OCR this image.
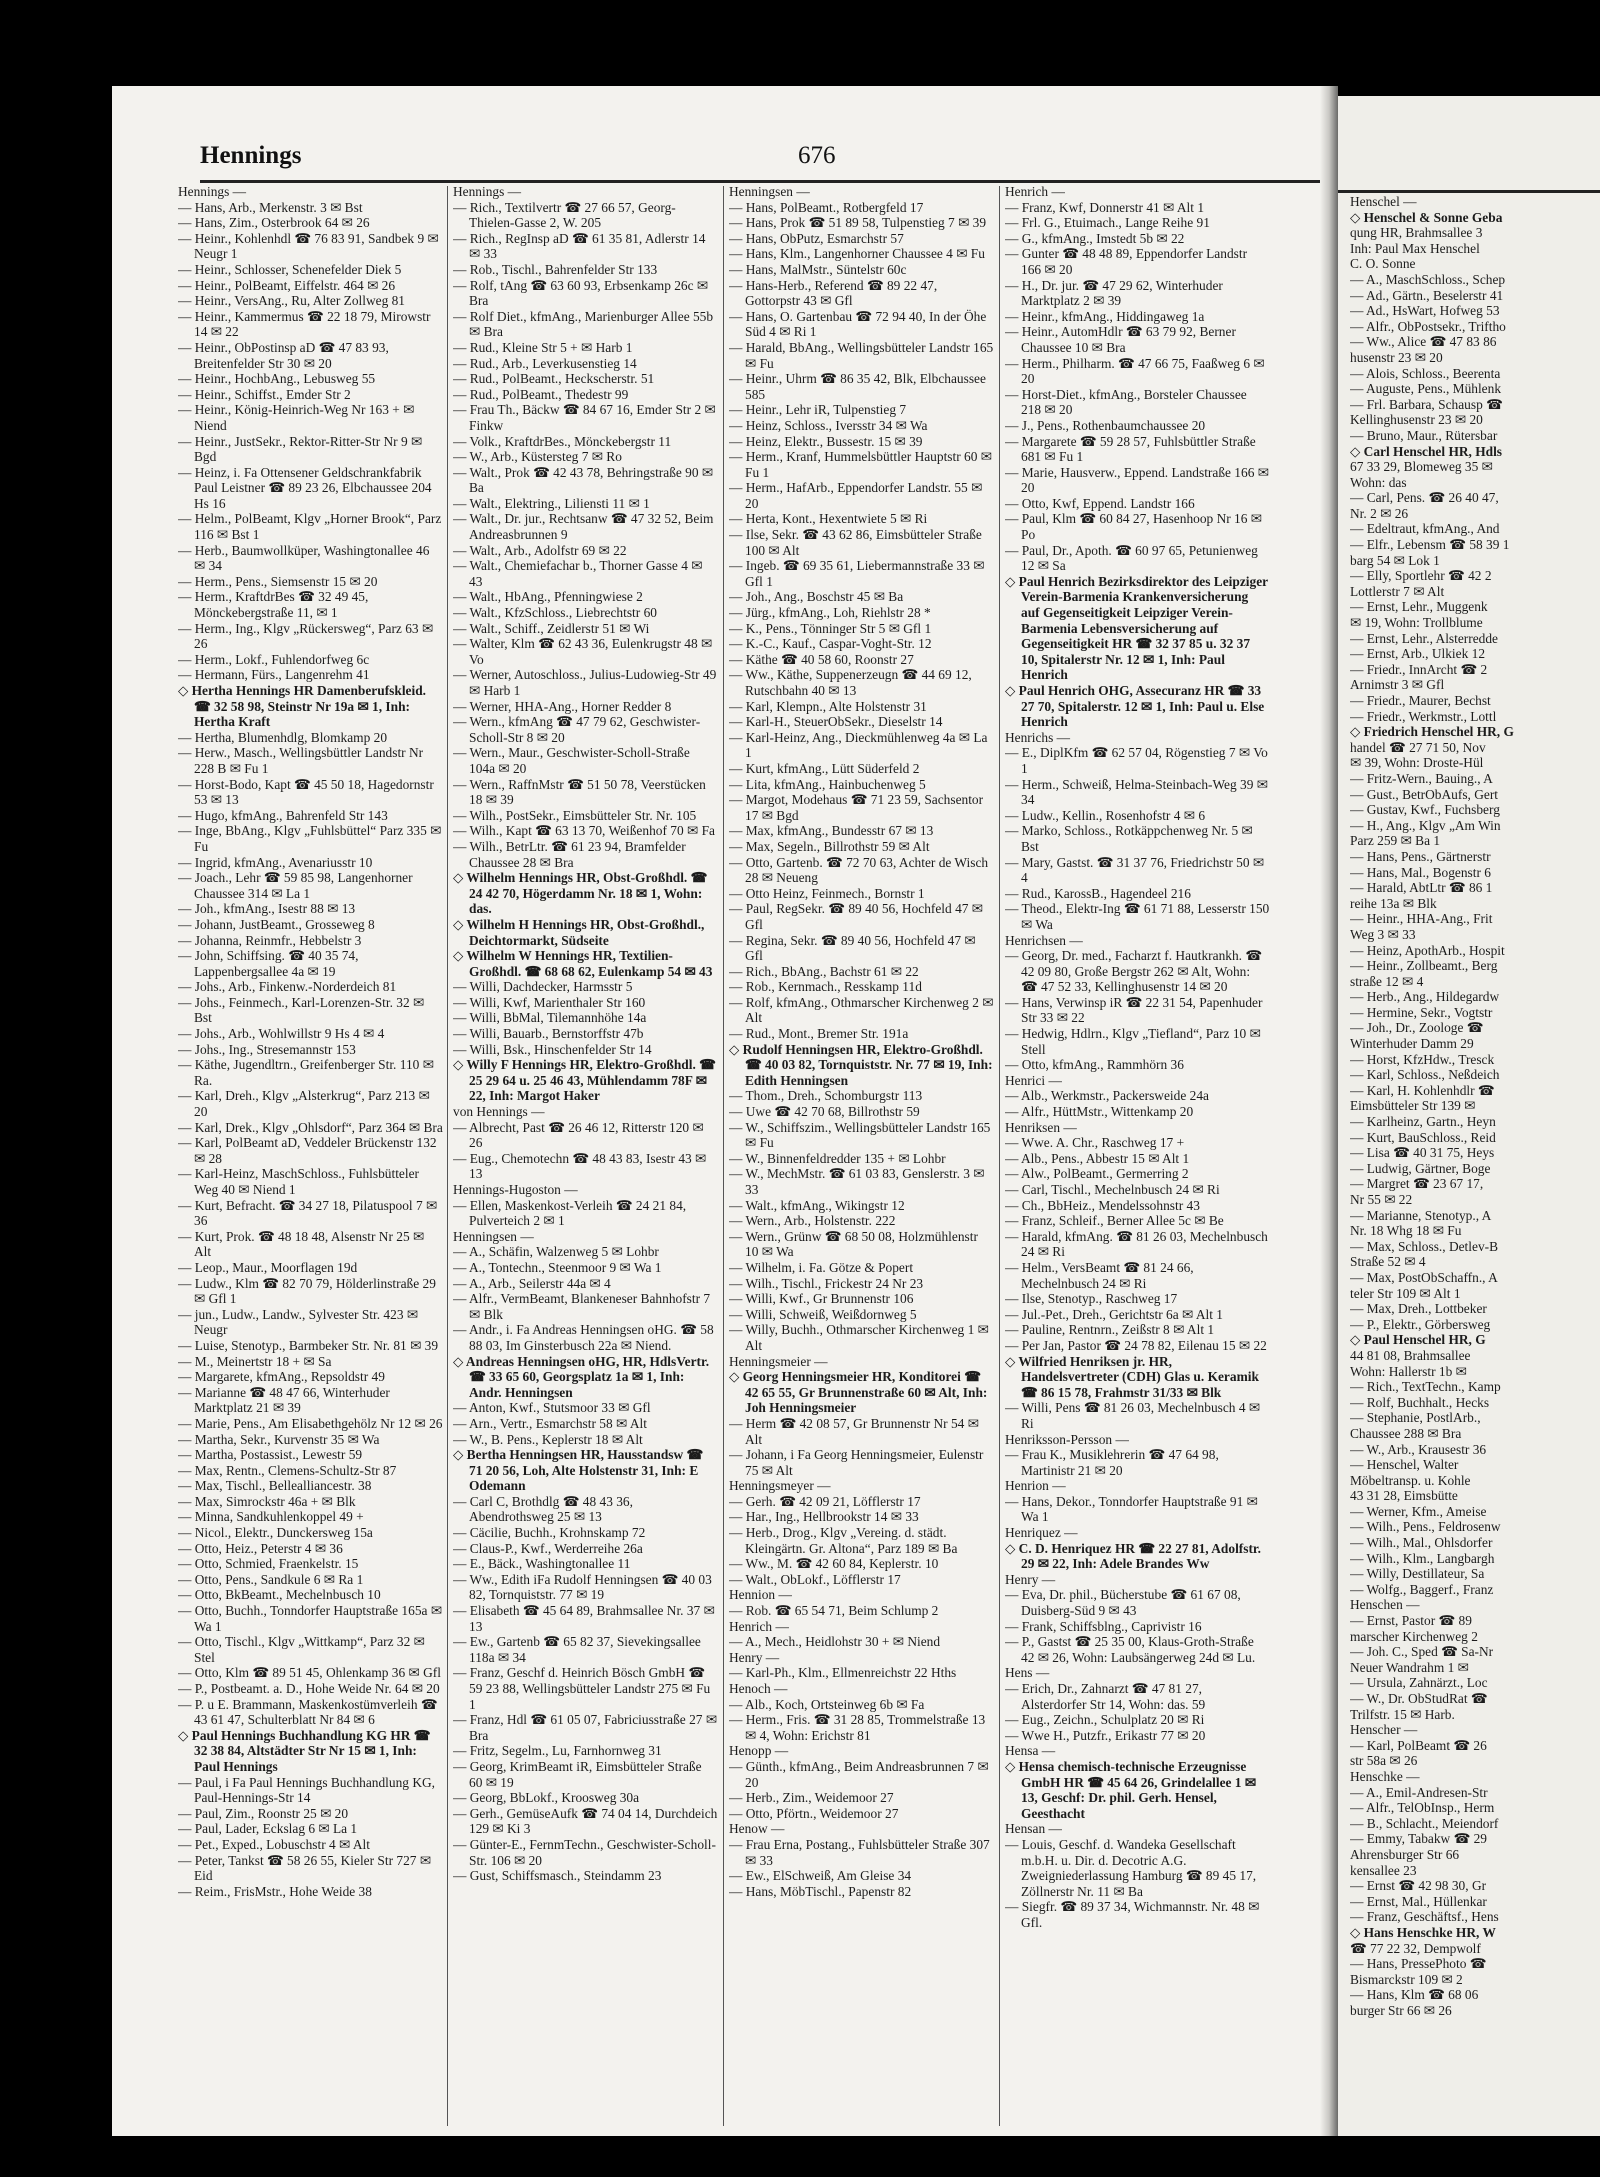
Hennings	676

Hennings —

— Hans, Arb., Merkenstr. 3 ✉ Bst

— Hans, Zim., Osterbrook 64 ✉ 26

— Heinr., Kohlenhdl ☎ 76 83 91, Sandbek 9 ✉ Neugr 1

— Heinr., Schlosser, Schenefelder Diek 5

— Heinr., PolBeamt, Eiffelstr. 464 ✉ 26

— Heinr., VersAng., Ru, Alter Zollweg 81

— Heinr., Kammermus ☎ 22 18 79, Mirowstr 14 ✉ 22

— Heinr., ObPostinsp aD ☎ 47 83 93, Breitenfelder Str 30 ✉ 20

— Heinr., HochbAng., Lebusweg 55

— Heinr., Schiffst., Emder Str 2

— Heinr., König-Heinrich-Weg Nr 163 + ✉ Niend

— Heinr., JustSekr., Rektor-Ritter-Str Nr 9 ✉ Bgd

— Heinz, i. Fa Ottensener Geldschrankfabrik Paul Leistner ☎ 89 23 26, Elbchaussee 204 Hs 16

— Helm., PolBeamt, Klgv „Horner Brook“, Parz 116 ✉ Bst 1

— Herb., Baumwollküper, Washingtonallee 46 ✉ 34

— Herm., Pens., Siemsenstr 15 ✉ 20

— Herm., KraftdrBes ☎ 32 49 45, Mönckebergstraße 11, ✉ 1

— Herm., Ing., Klgv „Rückersweg“, Parz 63 ✉ 26

— Herm., Lokf., Fuhlendorfweg 6c

— Hermann, Fürs., Langenrehm 41

◇ Hertha Hennings HR Damenberufskleid. ☎ 32 58 98, Steinstr Nr 19a ✉ 1, Inh: Hertha Kraft

— Hertha, Blumenhdlg, Blomkamp 20

— Herw., Masch., Wellingsbüttler Landstr Nr 228 B ✉ Fu 1

— Horst-Bodo, Kapt ☎ 45 50 18, Hagedornstr 53 ✉ 13

— Hugo, kfmAng., Bahrenfeld Str 143

— Inge, BbAng., Klgv „Fuhlsbüttel“ Parz 335 ✉ Fu

— Ingrid, kfmAng., Avenariusstr 10

— Joach., Lehr ☎ 59 85 98, Langenhorner Chaussee 314 ✉ La 1

— Joh., kfmAng., Isestr 88 ✉ 13

— Johann, JustBeamt., Grosseweg 8

— Johanna, Reinmfr., Hebbelstr 3

— John, Schiffsing. ☎ 40 35 74, Lappenbergsallee 4a ✉ 19

— Johs., Arb., Finkenw.-Norderdeich 81

— Johs., Feinmech., Karl-Lorenzen-Str. 32 ✉ Bst

— Johs., Arb., Wohlwillstr 9 Hs 4 ✉ 4

— Johs., Ing., Stresemannstr 153

— Käthe, Jugendltrn., Greifenberger Str. 110 ✉ Ra.

— Karl, Dreh., Klgv „Alsterkrug“, Parz 213 ✉ 20

— Karl, Drek., Klgv „Ohlsdorf“, Parz 364 ✉ Bra

— Karl, PolBeamt aD, Veddeler Brückenstr 132 ✉ 28

— Karl-Heinz, MaschSchloss., Fuhlsbütteler Weg 40 ✉ Niend 1

— Kurt, Befracht. ☎ 34 27 18, Pilatuspool 7 ✉ 36

— Kurt, Prok. ☎ 48 18 48, Alsenstr Nr 25 ✉ Alt

— Leop., Maur., Moorflagen 19d

— Ludw., Klm ☎ 82 70 79, Hölderlinstraße 29 ✉ Gfl 1

— jun., Ludw., Landw., Sylvester Str. 423 ✉ Neugr

— Luise, Stenotyp., Barmbeker Str. Nr. 81 ✉ 39

— M., Meinertstr 18 + ✉ Sa

— Margarete, kfmAng., Repsoldstr 49

— Marianne ☎ 48 47 66, Winterhuder Marktplatz 21 ✉ 39

— Marie, Pens., Am Elisabethgehölz Nr 12 ✉ 26

— Martha, Sekr., Kurvenstr 35 ✉ Wa

— Martha, Postassist., Lewestr 59

— Max, Rentn., Clemens-Schultz-Str 87

— Max, Tischl., Bellealliancestr. 38

— Max, Simrockstr 46a + ✉ Blk

— Minna, Sandkuhlenkoppel 49 +

— Nicol., Elektr., Dunckersweg 15a

— Otto, Heiz., Peterstr 4 ✉ 36

— Otto, Schmied, Fraenkelstr. 15

— Otto, Pens., Sandkule 6 ✉ Ra 1

— Otto, BkBeamt., Mechelnbusch 10

— Otto, Buchh., Tonndorfer Hauptstraße 165a ✉ Wa 1

— Otto, Tischl., Klgv „Wittkamp“, Parz 32 ✉ Stel

— Otto, Klm ☎ 89 51 45, Ohlenkamp 36 ✉ Gfl

— P., Postbeamt. a. D., Hohe Weide Nr. 64 ✉ 20

— P. u E. Brammann, Maskenkostümverleih ☎ 43 61 47, Schulterblatt Nr 84 ✉ 6

◇ Paul Hennings Buchhandlung KG HR ☎ 32 38 84, Altstädter Str Nr 15 ✉ 1, Inh: Paul Hennings

— Paul, i Fa Paul Hennings Buchhandlung KG, Paul-Hennings-Str 14

— Paul, Zim., Roonstr 25 ✉ 20

— Paul, Lader, Eckslag 6 ✉ La 1

— Pet., Exped., Lobuschstr 4 ✉ Alt

— Peter, Tankst ☎ 58 26 55, Kieler Str 727 ✉ Eid

— Reim., FrisMstr., Hohe Weide 38

Hennings —

— Rich., Textilvertr ☎ 27 66 57, Georg-Thielen-Gasse 2, W. 205

— Rich., RegInsp aD ☎ 61 35 81, Adlerstr 14 ✉ 33

— Rob., Tischl., Bahrenfelder Str 133

— Rolf, tAng ☎ 63 60 93, Erbsenkamp 26c ✉ Bra

— Rolf Diet., kfmAng., Marienburger Allee 55b ✉ Bra

— Rud., Kleine Str 5 + ✉ Harb 1

— Rud., Arb., Leverkusenstieg 14

— Rud., PolBeamt., Heckscherstr. 51

— Rud., PolBeamt., Thedestr 99

— Frau Th., Bäckw ☎ 84 67 16, Emder Str 2 ✉ Finkw

— Volk., KraftdrBes., Mönckebergstr 11

— W., Arb., Küstersteg 7 ✉ Ro

— Walt., Prok ☎ 42 43 78, Behringstraße 90 ✉ Ba

— Walt., Elektring., Liliensti 11 ✉ 1

— Walt., Dr. jur., Rechtsanw ☎ 47 32 52, Beim Andreasbrunnen 9

— Walt., Arb., Adolfstr 69 ✉ 22

— Walt., Chemiefachar b., Thorner Gasse 4 ✉ 43

— Walt., HbAng., Pfenningwiese 2

— Walt., KfzSchloss., Liebrechtstr 60

— Walt., Schiff., Zeidlerstr 51 ✉ Wi

— Walter, Klm ☎ 62 43 36, Eulenkrugstr 48 ✉ Vo

— Werner, Autoschloss., Julius-Ludowieg-Str 49 ✉ Harb 1

— Werner, HHA-Ang., Horner Redder 8

— Wern., kfmAng ☎ 47 79 62, Geschwister-Scholl-Str 8 ✉ 20

— Wern., Maur., Geschwister-Scholl-Straße 104a ✉ 20

— Wern., RaffnMstr ☎ 51 50 78, Veerstücken 18 ✉ 39

— Wilh., PostSekr., Eimsbütteler Str. Nr. 105

— Wilh., Kapt ☎ 63 13 70, Weißenhof 70 ✉ Fa

— Wilh., BetrLtr. ☎ 61 23 94, Bramfelder Chaussee 28 ✉ Bra

◇ Wilhelm Hennings HR, Obst-Großhdl. ☎ 24 42 70, Högerdamm Nr. 18 ✉ 1, Wohn: das.

◇ Wilhelm H Hennings HR, Obst-Großhdl., Deichtormarkt, Südseite

◇ Wilhelm W Hennings HR, Textilien-Großhdl. ☎ 68 68 62, Eulenkamp 54 ✉ 43

— Willi, Dachdecker, Harmsstr 5

— Willi, Kwf, Marienthaler Str 160

— Willi, BbMal, Tilemannhöhe 14a

— Willi, Bauarb., Bernstorffstr 47b

— Willi, Bsk., Hinschenfelder Str 14

◇ Willy F Hennings HR, Elektro-Großhdl. ☎ 25 29 64 u. 25 46 43, Mühlendamm 78F ✉ 22, Inh: Margot Haker

von Hennings —

— Albrecht, Past ☎ 26 46 12, Ritterstr 120 ✉ 26

— Eug., Chemotechn ☎ 48 43 83, Isestr 43 ✉ 13

Hennings-Hugoston —

— Ellen, Maskenkost-Verleih ☎ 24 21 84, Pulverteich 2 ✉ 1

Henningsen —

— A., Schäfin, Walzenweg 5 ✉ Lohbr

— A., Tontechn., Steenmoor 9 ✉ Wa 1

— A., Arb., Seilerstr 44a ✉ 4

— Alfr., VermBeamt, Blankeneser Bahnhofstr 7 ✉ Blk

— Andr., i. Fa Andreas Henningsen oHG. ☎ 58 88 03, Im Ginsterbusch 22a ✉ Niend.

◇ Andreas Henningsen oHG, HR, HdlsVertr. ☎ 33 65 60, Georgsplatz 1a ✉ 1, Inh: Andr. Henningsen

— Anton, Kwf., Stutsmoor 33 ✉ Gfl

— Arn., Vertr., Esmarchstr 58 ✉ Alt

— W., B. Pens., Keplerstr 18 ✉ Alt

◇ Bertha Henningsen HR, Hausstandsw ☎ 71 20 56, Loh, Alte Holstenstr 31, Inh: E Odemann

— Carl C, Brothdlg ☎ 48 43 36, Abendrothsweg 25 ✉ 13

— Cäcilie, Buchh., Krohnskamp 72

— Claus-P., Kwf., Werderreihe 26a

— E., Bäck., Washingtonallee 11

— Ww., Edith iFa Rudolf Henningsen ☎ 40 03 82, Tornquiststr. 77 ✉ 19

— Elisabeth ☎ 45 64 89, Brahmsallee Nr. 37 ✉ 13

— Ew., Gartenb ☎ 65 82 37, Sievekingsallee 118a ✉ 34

— Franz, Geschf d. Heinrich Bösch GmbH ☎ 59 23 88, Wellingsbütteler Landstr 275 ✉ Fu 1

— Franz, Hdl ☎ 61 05 07, Fabriciusstraße 27 ✉ Bra

— Fritz, Segelm., Lu, Farnhornweg 31

— Georg, KrimBeamt iR, Eimsbütteler Straße 60 ✉ 19

— Georg, BbLokf., Kroosweg 30a

— Gerh., GemüseAufk ☎ 74 04 14, Durchdeich 129 ✉ Ki 3

— Günter-E., FernmTechn., Geschwister-Scholl-Str. 106 ✉ 20

— Gust, Schiffsmasch., Steindamm 23

Henningsen —

— Hans, PolBeamt., Rotbergfeld 17

— Hans, Prok ☎ 51 89 58, Tulpenstieg 7 ✉ 39

— Hans, ObPutz, Esmarchstr 57

— Hans, Klm., Langenhorner Chaussee 4 ✉ Fu

— Hans, MalMstr., Süntelstr 60c

— Hans-Herb., Referend ☎ 89 22 47, Gottorpstr 43 ✉ Gfl

— Hans, O. Gartenbau ☎ 72 94 40, In der Öhe Süd 4 ✉ Ri 1

— Harald, BbAng., Wellingsbütteler Landstr 165 ✉ Fu

— Heinr., Uhrm ☎ 86 35 42, Blk, Elbchaussee 585

— Heinr., Lehr iR, Tulpenstieg 7

— Heinz, Schloss., Iversstr 34 ✉ Wa

— Heinz, Elektr., Bussestr. 15 ✉ 39

— Herm., Kranf, Hummelsbüttler Hauptstr 60 ✉ Fu 1

— Herm., HafArb., Eppendorfer Landstr. 55 ✉ 20

— Herta, Kont., Hexentwiete 5 ✉ Ri

— Ilse, Sekr. ☎ 43 62 86, Eimsbütteler Straße 100 ✉ Alt

— Ingeb. ☎ 69 35 61, Liebermannstraße 33 ✉ Gfl 1

— Joh., Ang., Boschstr 45 ✉ Ba

— Jürg., kfmAng., Loh, Riehlstr 28 *

— K., Pens., Tönninger Str 5 ✉ Gfl 1

— K.-C., Kauf., Caspar-Voght-Str. 12

— Käthe ☎ 40 58 60, Roonstr 27

— Ww., Käthe, Suppenerzeugn ☎ 44 69 12, Rutschbahn 40 ✉ 13

— Karl, Klempn., Alte Holstenstr 31

— Karl-H., SteuerObSekr., Dieselstr 14

— Karl-Heinz, Ang., Dieckmühlenweg 4a ✉ La 1

— Kurt, kfmAng., Lütt Süderfeld 2

— Lita, kfmAng., Hainbuchenweg 5

— Margot, Modehaus ☎ 71 23 59, Sachsentor 17 ✉ Bgd

— Max, kfmAng., Bundesstr 67 ✉ 13

— Max, Segeln., Billrothstr 59 ✉ Alt

— Otto, Gartenb. ☎ 72 70 63, Achter de Wisch 28 ✉ Neueng

— Otto Heinz, Feinmech., Bornstr 1

— Paul, RegSekr. ☎ 89 40 56, Hochfeld 47 ✉ Gfl

— Regina, Sekr. ☎ 89 40 56, Hochfeld 47 ✉ Gfl

— Rich., BbAng., Bachstr 61 ✉ 22

— Rob., Kernmach., Resskamp 11d

— Rolf, kfmAng., Othmarscher Kirchenweg 2 ✉ Alt

— Rud., Mont., Bremer Str. 191a

◇ Rudolf Henningsen HR, Elektro-Großhdl. ☎ 40 03 82, Tornquiststr. Nr. 77 ✉ 19, Inh: Edith Henningsen

— Thom., Dreh., Schomburgstr 113

— Uwe ☎ 42 70 68, Billrothstr 59

— W., Schiffszim., Wellingsbütteler Landstr 165 ✉ Fu

— W., Binnenfeldredder 135 + ✉ Lohbr

— W., MechMstr. ☎ 61 03 83, Genslerstr. 3 ✉ 33

— Walt., kfmAng., Wikingstr 12

— Wern., Arb., Holstenstr. 222

— Wern., Grünw ☎ 68 50 08, Holzmühlenstr 10 ✉ Wa

— Wilhelm, i. Fa. Götze & Popert

— Wilh., Tischl., Frickestr 24 Nr 23

— Willi, Kwf., Gr Brunnenstr 106

— Willi, Schweiß, Weißdornweg 5

— Willy, Buchh., Othmarscher Kirchenweg 1 ✉ Alt

Henningsmeier —

◇ Georg Henningsmeier HR, Konditorei ☎ 42 65 55, Gr Brunnenstraße 60 ✉ Alt, Inh: Joh Henningsmeier

— Herm ☎ 42 08 57, Gr Brunnenstr Nr 54 ✉ Alt

— Johann, i Fa Georg Henningsmeier, Eulenstr 75 ✉ Alt

Henningsmeyer —

— Gerh. ☎ 42 09 21, Löfflerstr 17

— Har., Ing., Hellbrookstr 14 ✉ 33

— Herb., Drog., Klgv „Vereing. d. städt. Kleingärtn. Gr. Altona“, Parz 189 ✉ Ba

— Ww., M. ☎ 42 60 84, Keplerstr. 10

— Walt., ObLokf., Löfflerstr 17

Hennion —

— Rob. ☎ 65 54 71, Beim Schlump 2

Henrich —

— A., Mech., Heidlohstr 30 + ✉ Niend

Henry —

— Karl-Ph., Klm., Ellmenreichstr 22 Hths

Henoch —

— Alb., Koch, Ortsteinweg 6b ✉ Fa

— Herm., Fris. ☎ 31 28 85, Trommelstraße 13 ✉ 4, Wohn: Erichstr 81

Henopp —

— Günth., kfmAng., Beim Andreasbrunnen 7 ✉ 20

— Herb., Zim., Weidemoor 27

— Otto, Pförtn., Weidemoor 27

Henow —

— Frau Erna, Postang., Fuhlsbütteler Straße 307 ✉ 33

— Ew., ElSchweiß, Am Gleise 34

— Hans, MöbTischl., Papenstr 82

Henrich —

— Franz, Kwf, Donnerstr 41 ✉ Alt 1

— Frl. G., Etuimach., Lange Reihe 91

— G., kfmAng., Imstedt 5b ✉ 22

— Gunter ☎ 48 48 89, Eppendorfer Landstr 166 ✉ 20

— H., Dr. jur. ☎ 47 29 62, Winterhuder Marktplatz 2 ✉ 39

— Heinr., kfmAng., Hiddingaweg 1a

— Heinr., AutomHdlr ☎ 63 79 92, Berner Chaussee 10 ✉ Bra

— Herm., Philharm. ☎ 47 66 75, Faaßweg 6 ✉ 20

— Horst-Diet., kfmAng., Borsteler Chaussee 218 ✉ 20

— J., Pens., Rothenbaumchaussee 20

— Margarete ☎ 59 28 57, Fuhlsbüttler Straße 681 ✉ Fu 1

— Marie, Hausverw., Eppend. Landstraße 166 ✉ 20

— Otto, Kwf, Eppend. Landstr 166

— Paul, Klm ☎ 60 84 27, Hasenhoop Nr 16 ✉ Po

— Paul, Dr., Apoth. ☎ 60 97 65, Petunienweg 12 ✉ Sa

◇ Paul Henrich Bezirksdirektor des Leipziger Verein-Barmenia Krankenversicherung auf Gegenseitigkeit Leipziger Verein-Barmenia Lebensversicherung auf Gegenseitigkeit HR ☎ 32 37 85 u. 32 37 10, Spitalerstr Nr. 12 ✉ 1, Inh: Paul Henrich

◇ Paul Henrich OHG, Assecuranz HR ☎ 33 27 70, Spitalerstr. 12 ✉ 1, Inh: Paul u. Else Henrich

Henrichs —

— E., DiplKfm ☎ 62 57 04, Rögenstieg 7 ✉ Vo 1

— Herm., Schweiß, Helma-Steinbach-Weg 39 ✉ 34

— Ludw., Kellin., Rosenhofstr 4 ✉ 6

— Marko, Schloss., Rotkäppchenweg Nr. 5 ✉ Bst

— Mary, Gastst. ☎ 31 37 76, Friedrichstr 50 ✉ 4

— Rud., KarossB., Hagendeel 216

— Theod., Elektr-Ing ☎ 61 71 88, Lesserstr 150 ✉ Wa

Henrichsen —

— Georg, Dr. med., Facharzt f. Hautkrankh. ☎ 42 09 80, Große Bergstr 262 ✉ Alt, Wohn: ☎ 47 52 33, Kellinghusenstr 14 ✉ 20

— Hans, Verwinsp iR ☎ 22 31 54, Papenhuder Str 33 ✉ 22

— Hedwig, Hdlrn., Klgv „Tiefland“, Parz 10 ✉ Stell

— Otto, kfmAng., Rammhörn 36

Henrici —

— Alb., Werkmstr., Packersweide 24a

— Alfr., HüttMstr., Wittenkamp 20

Henriksen —

— Wwe. A. Chr., Raschweg 17 +

— Alb., Pens., Abbestr 15 ✉ Alt 1

— Alw., PolBeamt., Germerring 2

— Carl, Tischl., Mechelnbusch 24 ✉ Ri

— Ch., BbHeiz., Mendelssohnstr 43

— Franz, Schleif., Berner Allee 5c ✉ Be

— Harald, kfmAng. ☎ 81 26 03, Mechelnbusch 24 ✉ Ri

— Helm., VersBeamt ☎ 81 24 66, Mechelnbusch 24 ✉ Ri

— Ilse, Stenotyp., Raschweg 17

— Jul.-Pet., Dreh., Gerichtstr 6a ✉ Alt 1

— Pauline, Rentnrn., Zeißstr 8 ✉ Alt 1

— Per Jan, Pastor ☎ 24 78 82, Eilenau 15 ✉ 22

◇ Wilfried Henriksen jr. HR, Handelsvertreter (CDH) Glas u. Keramik ☎ 86 15 78, Frahmstr 31/33 ✉ Blk

— Willi, Pens ☎ 81 26 03, Mechelnbusch 4 ✉ Ri

Henriksson-Persson —

— Frau K., Musiklehrerin ☎ 47 64 98, Martinistr 21 ✉ 20

Henrion —

— Hans, Dekor., Tonndorfer Hauptstraße 91 ✉ Wa 1

Henriquez —

◇ C. D. Henriquez HR ☎ 22 27 81, Adolfstr. 29 ✉ 22, Inh: Adele Brandes Ww

Henry —

— Eva, Dr. phil., Bücherstube ☎ 61 67 08, Duisberg-Süd 9 ✉ 43

— Frank, Schiffsblng., Caprivistr 16

— P., Gastst ☎ 25 35 00, Klaus-Groth-Straße 42 ✉ 26, Wohn: Laubsängerweg 24d ✉ Lu.

Hens —

— Erich, Dr., Zahnarzt ☎ 47 81 27, Alsterdorfer Str 14, Wohn: das. 59

— Eug., Zeichn., Schulplatz 20 ✉ Ri

— Wwe H., Putzfr., Erikastr 77 ✉ 20

Hensa —

◇ Hensa chemisch-technische Erzeugnisse GmbH HR ☎ 45 64 26, Grindelallee 1 ✉ 13, Geschf: Dr. phil. Gerh. Hensel, Geesthacht

Hensan —

— Louis, Geschf. d. Wandeka Gesellschaft m.b.H. u. Dir. d. Decotric A.G. Zweigniederlassung Hamburg ☎ 89 45 17, Zöllnerstr Nr. 11 ✉ Ba

— Siegfr. ☎ 89 37 34, Wichmannstr. Nr. 48 ✉ Gfl.

Henschel —
◇ Henschel & Sonne Geba
qung HR, Brahmsallee 3
Inh: Paul Max Henschel
C. O. Sonne
— A., MaschSchloss., Schep
— Ad., Gärtn., Beselerstr 41
— Ad., HsWart, Hofweg 53
— Alfr., ObPostsekr., Triftho
— Ww., Alice ☎ 47 83 86
husenstr 23 ✉ 20
— Alois, Schloss., Beerenta
— Auguste, Pens., Mühlenk
— Frl. Barbara, Schausp ☎
Kellinghusenstr 23 ✉ 20
— Bruno, Maur., Rütersbar
◇ Carl Henschel HR, Hdls
67 33 29, Blomeweg 35 ✉
Wohn: das
— Carl, Pens. ☎ 26 40 47,
Nr. 2 ✉ 26
— Edeltraut, kfmAng., And
— Elfr., Lebensm ☎ 58 39 1
barg 54 ✉ Lok 1
— Elly, Sportlehr ☎ 42 2
Lottlerstr 7 ✉ Alt
— Ernst, Lehr., Muggenk
✉ 19, Wohn: Trollblume
— Ernst, Lehr., Alsterredde
— Ernst, Arb., Ulkiek 12
— Friedr., InnArcht ☎ 2
Arnimstr 3 ✉ Gfl
— Friedr., Maurer, Bechst
— Friedr., Werkmstr., Lottl
◇ Friedrich Henschel HR, G
handel ☎ 27 71 50, Nov
✉ 39, Wohn: Droste-Hül
— Fritz-Wern., Bauing., A
— Gust., BetrObAufs, Gert
— Gustav, Kwf., Fuchsberg
— H., Ang., Klgv „Am Win
Parz 259 ✉ Ba 1
— Hans, Pens., Gärtnerstr
— Hans, Mal., Bogenstr 6
— Harald, AbtLtr ☎ 86 1
reihe 13a ✉ Blk
— Heinr., HHA-Ang., Frit
Weg 3 ✉ 33
— Heinz, ApothArb., Hospit
— Heinr., Zollbeamt., Berg
straße 12 ✉ 4
— Herb., Ang., Hildegardw
— Hermine, Sekr., Vogtstr
— Joh., Dr., Zoologe ☎
Winterhuder Damm 29
— Horst, KfzHdw., Tresck
— Karl, Schloss., Neßdeich
— Karl, H. Kohlenhdlr ☎
Eimsbütteler Str 139 ✉
— Karlheinz, Gartn., Heyn
— Kurt, BauSchloss., Reid
— Lisa ☎ 40 31 75, Heys
— Ludwig, Gärtner, Boge
— Margret ☎ 23 67 17,
Nr 55 ✉ 22
— Marianne, Stenotyp., A
Nr. 18 Whg 18 ✉ Fu
— Max, Schloss., Detlev-B
Straße 52 ✉ 4
— Max, PostObSchaffn., A
teler Str 109 ✉ Alt 1
— Max, Dreh., Lottbeker
— P., Elektr., Görbersweg
◇ Paul Henschel HR, G
44 81 08, Brahmsallee
Wohn: Hallerstr 1b ✉
— Rich., TextTechn., Kamp
— Rolf, Buchhalt., Hecks
— Stephanie, PostlArb.,
Chaussee 288 ✉ Bra
— W., Arb., Krausestr 36
— Henschel, Walter
Möbeltransp. u. Kohle
43 31 28, Eimsbütte
— Werner, Kfm., Ameise
— Wilh., Pens., Feldrosenw
— Wilh., Mal., Ohlsdorfer
— Wilh., Klm., Langbargh
— Willy, Destillateur, Sa
— Wolfg., Baggerf., Franz
Henschen —
— Ernst, Pastor ☎ 89
marscher Kirchenweg 2
— Joh. C., Sped ☎ Sa-Nr
Neuer Wandrahm 1 ✉
— Ursula, Zahnärzt., Loc
— W., Dr. ObStudRat ☎
Trilfstr. 15 ✉ Harb.
Henscher —
— Karl, PolBeamt ☎ 26
str 58a ✉ 26
Henschke —
— A., Emil-Andresen-Str
— Alfr., TelObInsp., Herm
— B., Schlacht., Meiendorf
— Emmy, Tabakw ☎ 29
Ahrensburger Str 66
kensallee 23
— Ernst ☎ 42 98 30, Gr
— Ernst, Mal., Hüllenkar
— Franz, Geschäftsf., Hens
◇ Hans Henschke HR, W
☎ 77 22 32, Dempwolf
— Hans, PressePhoto ☎
Bismarckstr 109 ✉ 2
— Hans, Klm ☎ 68 06
burger Str 66 ✉ 26
